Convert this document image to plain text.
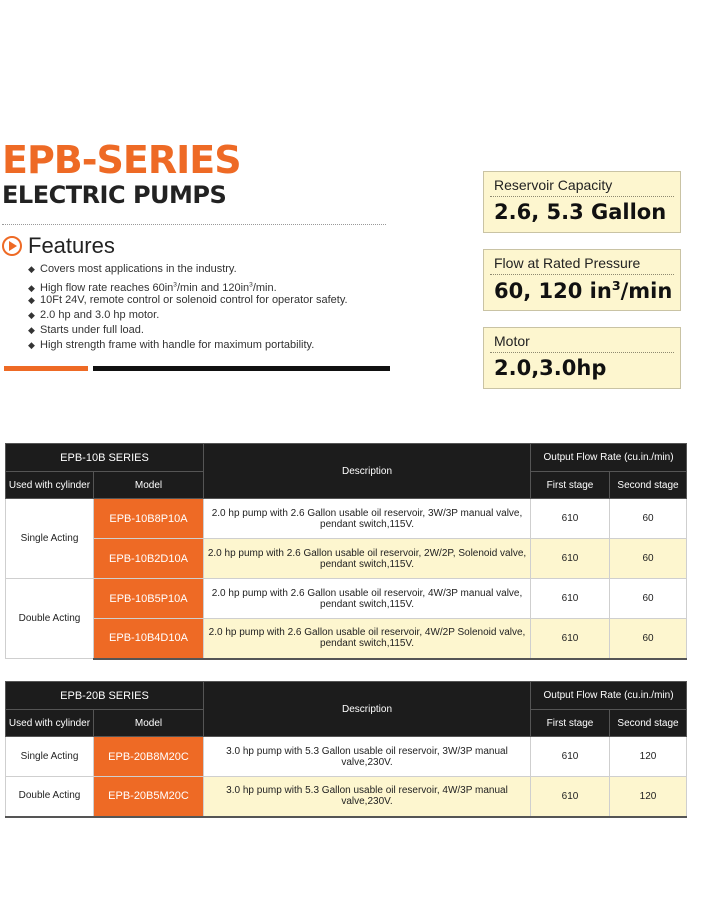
EPB-SERIES
ELECTRIC PUMPS
Features
◆ Covers most applications in the industry.
◆ High flow rate reaches $60in^3/\min$ and $120in^3/\min$.
◆ 10Ft 24V, remote control or solenoid control for operator safety.
◆ 2.0 hp and 3.0 hp motor.
◆ Starts under full load.
◆ High strength frame with handle for maximum portability.
Reservoir Capacity
2.6, 5.3 Gallon
Flow at Rated Pressure
60, 120 $in^3/\min$
Motor
2.0,3.0hp
EPB-10B SERIES		Description	Output Flow Rate (cu.in./min)	
Used with cylinder	Model		First stage	Second stage
Single Acting	EPB-10B8P10A	2.0 hp pump with 2.6 Gallon usable oil reservoir, 3W/3P manual valve, pendant switch,115V.	610	60
	EPB-10B2D10A	2.0 hp pump with 2.6 Gallon usable oil reservoir, 2W/2P, Solenoid valve, pendant switch,115V.	610	60
Double Acting	EPB-10B5P10A	2.0 hp pump with 2.6 Gallon usable oil reservoir, 4W/3P manual valve, pendant switch,115V.	610	60
	EPB-10B4D10A	2.0 hp pump with 2.6 Gallon usable oil reservoir, 4W/2P Solenoid valve, pendant switch,115V.	610	60
EPB-20B SERIES		Description	Output Flow Rate (cu.in./min)	
Used with cylinder	Model		First stage	Second stage
Single Acting	EPB-20B8M20C	3.0 hp pump with 5.3 Gallon usable oil reservoir, 3W/3P manual valve,230V.	610	120
Double Acting	EPB-20B5M20C	3.0 hp pump with 5.3 Gallon usable oil reservoir, 4W/3P manual valve,230V.	610	120
